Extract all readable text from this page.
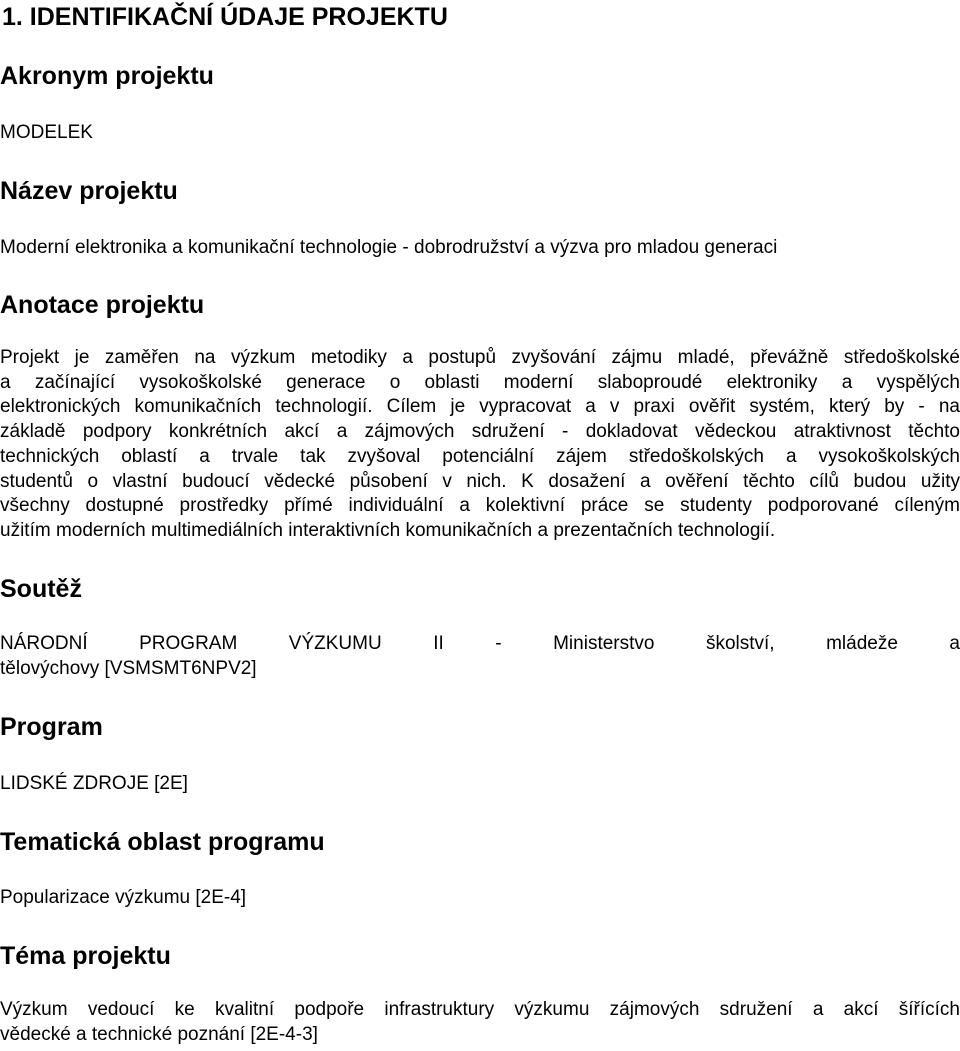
1. IDENTIFIKAČNÍ ÚDAJE PROJEKTU
Akronym projektu

MODELEK

Název projektu

Moderní elektronika a komunikační technologie - dobrodružství a výzva pro mladou generaci

Anotace projektu
Projekt je zaměřen na výzkum metodiky a postupů zvyšování zájmu mladé, převážně středoškolské
a začínající vysokoškolské generace o oblasti moderní slaboproudé elektroniky a vyspělých
elektronických komunikačních technologií. Cílem je vypracovat a v praxi ověřit systém, který by - na
základě podpory konkrétních akcí a zájmových sdružení - dokladovat vědeckou atraktivnost těchto
technických oblastí a trvale tak zvyšoval potenciální zájem středoškolských a vysokoškolských
studentů o vlastní budoucí vědecké působení v nich. K dosažení a ověření těchto cílů budou užity
všechny dostupné prostředky přímé individuální a kolektivní práce se studenty podporované cíleným
užitím moderních multimediálních interaktivních komunikačních a prezentačních technologií.
Soutěž
NÁRODNÍ PROGRAM VÝZKUMU II - Ministerstvo školství, mládeže a
tělovýchovy [VSMSMT6NPV2]
Program

LIDSKÉ ZDROJE [2E]

Tematická oblast programu

Popularizace výzkumu [2E-4]

Téma projektu
Výzkum vedoucí ke kvalitní podpoře infrastruktury výzkumu zájmových sdružení a akcí šířících
vědecké a technické poznání [2E-4-3]
